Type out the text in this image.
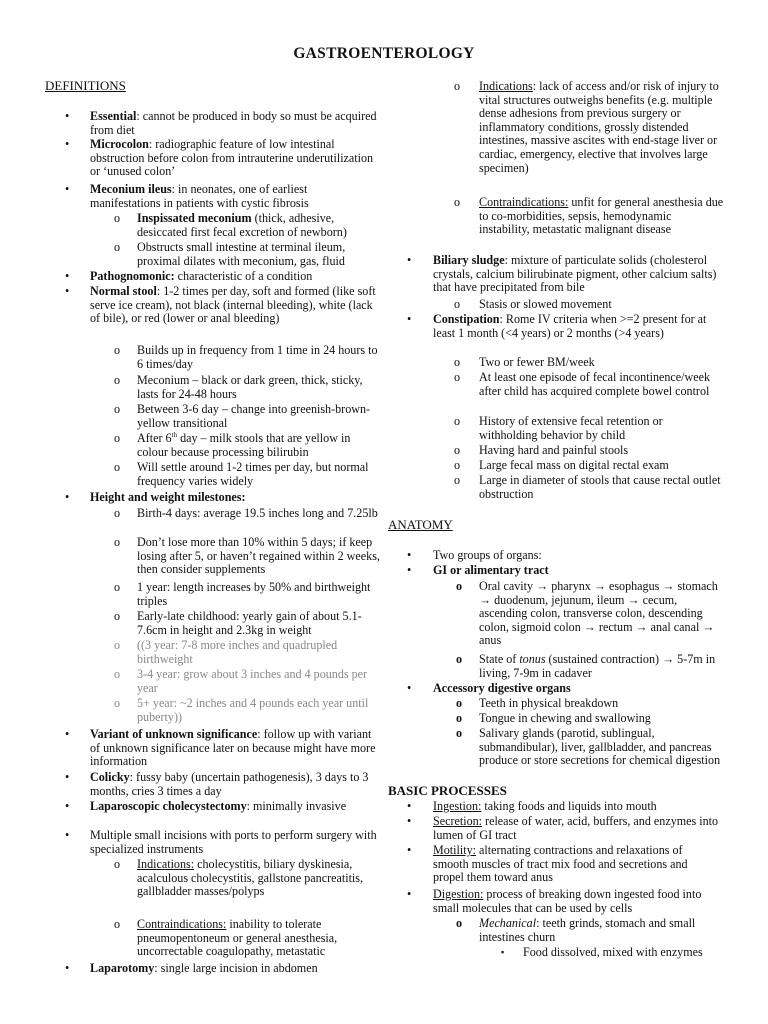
GASTROENTEROLOGY
DEFINITIONS
•	Essential: cannot be produced in body so must be acquired from diet
•	Microcolon: radiographic feature of low intestinal obstruction before colon from intrauterine underutilization or ‘unused colon’
•	Meconium ileus: in neonates, one of earliest manifestations in patients with cystic fibrosis
o	Inspissated meconium (thick, adhesive, desiccated first fecal excretion of newborn)
o	Obstructs small intestine at terminal ileum, proximal dilates with meconium, gas, fluid
•	Pathognomonic: characteristic of a condition
•	Normal stool: 1-2 times per day, soft and formed (like soft serve ice cream), not black (internal bleeding), white (lack of bile), or red (lower or anal bleeding)
o	Builds up in frequency from 1 time in 24 hours to 6 times/day
o	Meconium – black or dark green, thick, sticky, lasts for 24-48 hours
o	Between 3-6 day – change into greenish-brown-yellow transitional
o	After 6th day – milk stools that are yellow in colour because processing bilirubin
o	Will settle around 1-2 times per day, but normal frequency varies widely
•	Height and weight milestones:
o	Birth-4 days: average 19.5 inches long and 7.25lb
o	Don’t lose more than 10% within 5 days; if keep losing after 5, or haven’t regained within 2 weeks, then consider supplements
o	1 year: length increases by 50% and birthweight triples
o	Early-late childhood: yearly gain of about 5.1-7.6cm in height and 2.3kg in weight
o	((3 year: 7-8 more inches and quadrupled birthweight
o	3-4 year: grow about 3 inches and 4 pounds per year
o	5+ year: ~2 inches and 4 pounds each year until puberty))
•	Variant of unknown significance: follow up with variant of unknown significance later on because might have more information
•	Colicky: fussy baby (uncertain pathogenesis), 3 days to 3 months, cries 3 times a day
•	Laparoscopic cholecystectomy: minimally invasive
•	Multiple small incisions with ports to perform surgery with specialized instruments
o	Indications: cholecystitis, biliary dyskinesia, acalculous cholecystitis, gallstone pancreatitis, gallbladder masses/polyps
o	Contraindications: inability to tolerate pneumopentoneum or general anesthesia, uncorrectable coagulopathy, metastatic
•	Laparotomy: single large incision in abdomen
o	Indications: lack of access and/or risk of injury to vital structures outweighs benefits (e.g. multiple dense adhesions from previous surgery or inflammatory conditions, grossly distended intestines, massive ascites with end-stage liver or cardiac, emergency, elective that involves large specimen)
o	Contraindications: unfit for general anesthesia due to co-morbidities, sepsis, hemodynamic instability, metastatic malignant disease
•	Biliary sludge: mixture of particulate solids (cholesterol crystals, calcium bilirubinate pigment, other calcium salts) that have precipitated from bile
o	Stasis or slowed movement
•	Constipation: Rome IV criteria when >=2 present for at least 1 month (<4 years) or 2 months (>4 years)
o	Two or fewer BM/week
o	At least one episode of fecal incontinence/week after child has acquired complete bowel control
o	History of extensive fecal retention or withholding behavior by child
o	Having hard and painful stools
o	Large fecal mass on digital rectal exam
o	Large in diameter of stools that cause rectal outlet obstruction
ANATOMY
•	Two groups of organs:
•	GI or alimentary tract
o	Oral cavity → pharynx → esophagus → stomach → duodenum, jejunum, ileum → cecum, ascending colon, transverse colon, descending colon, sigmoid colon → rectum → anal canal → anus
o	State of tonus (sustained contraction) → 5-7m in living, 7-9m in cadaver
•	Accessory digestive organs
o	Teeth in physical breakdown
o	Tongue in chewing and swallowing
o	Salivary glands (parotid, sublingual, submandibular), liver, gallbladder, and pancreas produce or store secretions for chemical digestion
BASIC PROCESSES
•	Ingestion: taking foods and liquids into mouth
•	Secretion: release of water, acid, buffers, and enzymes into lumen of GI tract
•	Motility: alternating contractions and relaxations of smooth muscles of tract mix food and secretions and propel them toward anus
•	Digestion: process of breaking down ingested food into small molecules that can be used by cells
o	Mechanical: teeth grinds, stomach and small intestines churn
▪	Food dissolved, mixed with enzymes
